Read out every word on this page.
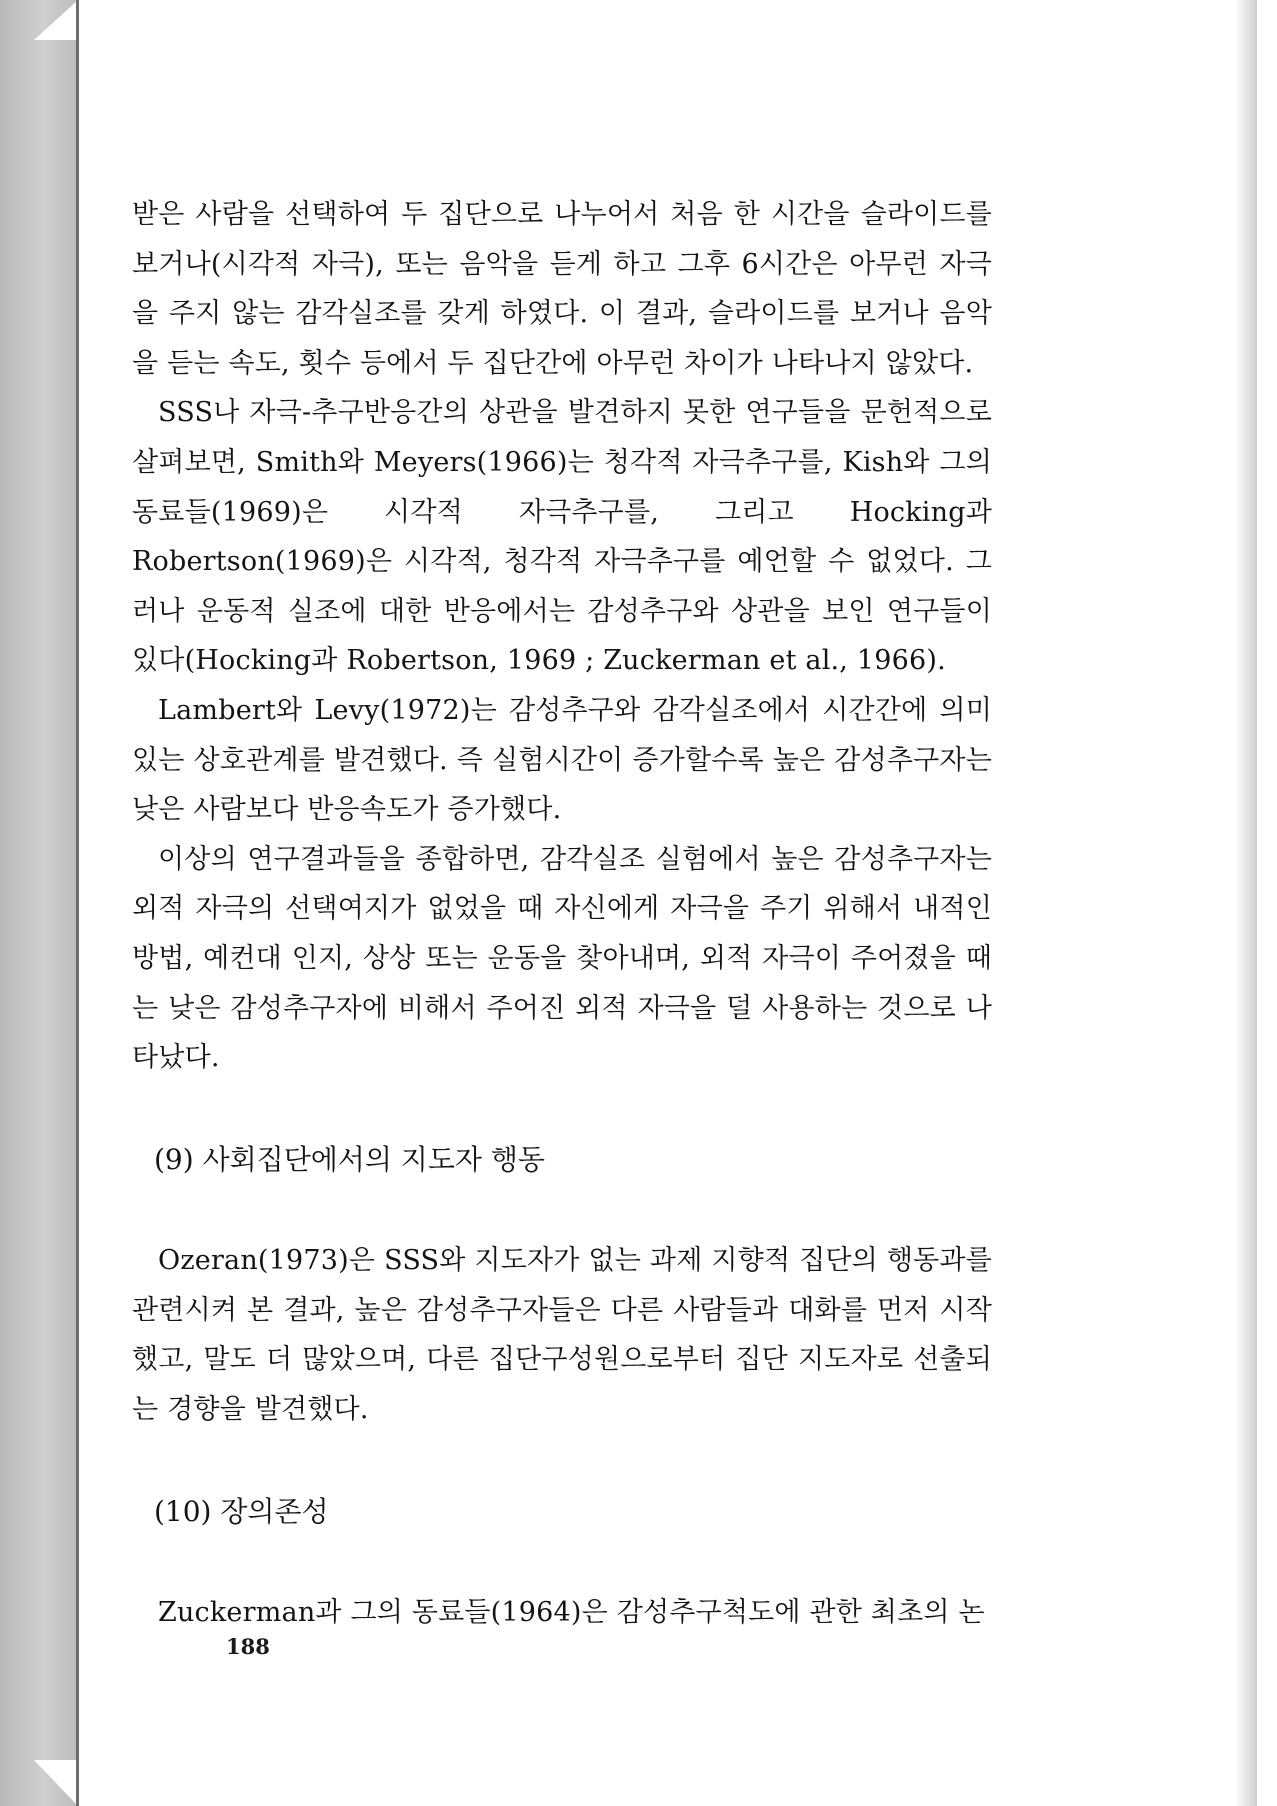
받은 사람을 선택하여 두 집단으로 나누어서 처음 한 시간을 슬라이드를 보거나(시각적 자극), 또는 음악을 듣게 하고 그후 6시간은 아무런 자극을 주지 않는 감각실조를 갖게 하였다. 이 결과, 슬라이드를 보거나 음악을 듣는 속도, 횟수 등에서 두 집단간에 아무런 차이가 나타나지 않았다.

SSS나 자극-추구반응간의 상관을 발견하지 못한 연구들을 문헌적으로 살펴보면, Smith와 Meyers(1966)는 청각적 자극추구를, Kish와 그의 동료들(1969)은 시각적 자극추구를, 그리고 Hocking과 Robertson(1969)은 시각적, 청각적 자극추구를 예언할 수 없었다. 그러나 운동적 실조에 대한 반응에서는 감성추구와 상관을 보인 연구들이 있다(Hocking과 Robertson, 1969 ; Zuckerman et al., 1966).

Lambert와 Levy(1972)는 감성추구와 감각실조에서 시간간에 의미있는 상호관계를 발견했다. 즉 실험시간이 증가할수록 높은 감성추구자는 낮은 사람보다 반응속도가 증가했다.

이상의 연구결과들을 종합하면, 감각실조 실험에서 높은 감성추구자는 외적 자극의 선택여지가 없었을 때 자신에게 자극을 주기 위해서 내적인 방법, 예컨대 인지, 상상 또는 운동을 찾아내며, 외적 자극이 주어졌을 때는 낮은 감성추구자에 비해서 주어진 외적 자극을 덜 사용하는 것으로 나타났다.

(9) 사회집단에서의 지도자 행동

Ozeran(1973)은 SSS와 지도자가 없는 과제 지향적 집단의 행동과를 관련시켜 본 결과, 높은 감성추구자들은 다른 사람들과 대화를 먼저 시작했고, 말도 더 많았으며, 다른 집단구성원으로부터 집단 지도자로 선출되는 경향을 발견했다.

(10) 장의존성

Zuckerman과 그의 동료들(1964)은 감성추구척도에 관한 최초의 논

188
